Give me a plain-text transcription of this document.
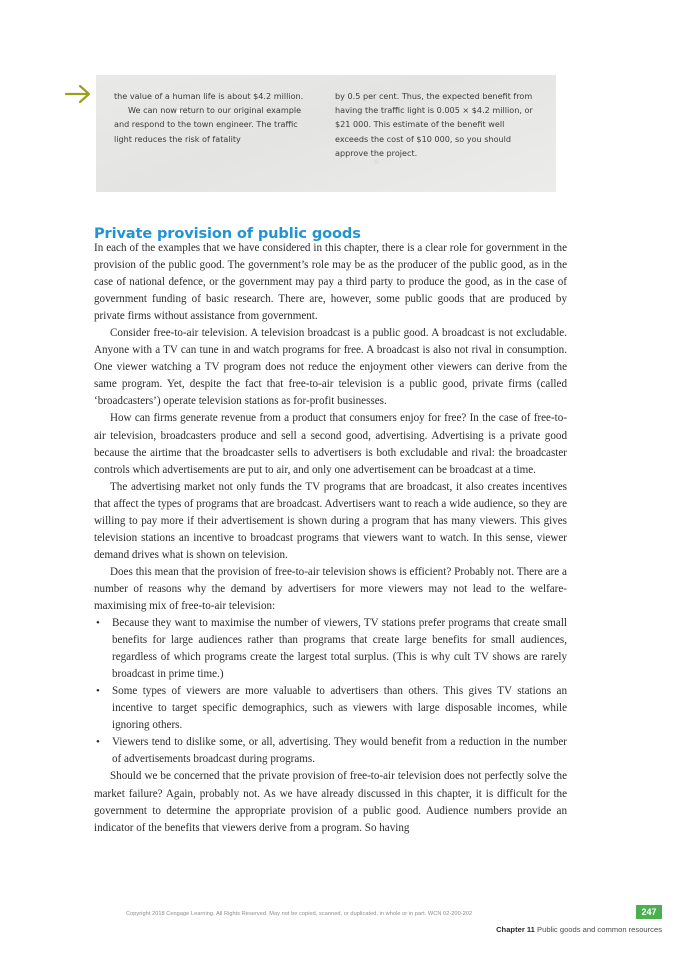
the value of a human life is about $4.2 million.

We can now return to our original example and respond to the town engineer. The traffic light reduces the risk of fatality

by 0.5 per cent. Thus, the expected benefit from having the traffic light is 0.005 × $4.2 million, or $21 000. This estimate of the benefit well exceeds the cost of $10 000, so you should approve the project.

Private provision of public goods

In each of the examples that we have considered in this chapter, there is a clear role for government in the provision of the public good. The government’s role may be as the producer of the public good, as in the case of national defence, or the government may pay a third party to produce the good, as in the case of government funding of basic research. There are, however, some public goods that are produced by private firms without assistance from government.

Consider free-to-air television. A television broadcast is a public good. A broadcast is not excludable. Anyone with a TV can tune in and watch programs for free. A broadcast is also not rival in consumption. One viewer watching a TV program does not reduce the enjoyment other viewers can derive from the same program. Yet, despite the fact that free-to-air television is a public good, private firms (called ‘broadcasters’) operate television stations as for-profit businesses.

How can firms generate revenue from a product that consumers enjoy for free? In the case of free-to-air television, broadcasters produce and sell a second good, advertising. Advertising is a private good because the airtime that the broadcaster sells to advertisers is both excludable and rival: the broadcaster controls which advertisements are put to air, and only one advertisement can be broadcast at a time.

The advertising market not only funds the TV programs that are broadcast, it also creates incentives that affect the types of programs that are broadcast. Advertisers want to reach a wide audience, so they are willing to pay more if their advertisement is shown during a program that has many viewers. This gives television stations an incentive to broadcast programs that viewers want to watch. In this sense, viewer demand drives what is shown on television.

Does this mean that the provision of free-to-air television shows is efficient? Probably not. There are a number of reasons why the demand by advertisers for more viewers may not lead to the welfare-maximising mix of free-to-air television:

• Because they want to maximise the number of viewers, TV stations prefer programs that create small benefits for large audiences rather than programs that create large benefits for small audiences, regardless of which programs create the largest total surplus. (This is why cult TV shows are rarely broadcast in prime time.)
• Some types of viewers are more valuable to advertisers than others. This gives TV stations an incentive to target specific demographics, such as viewers with large disposable incomes, while ignoring others.
• Viewers tend to dislike some, or all, advertising. They would benefit from a reduction in the number of advertisements broadcast during programs.

Should we be concerned that the private provision of free-to-air television does not perfectly solve the market failure? Again, probably not. As we have already discussed in this chapter, it is difficult for the government to determine the appropriate provision of a public good. Audience numbers provide an indicator of the benefits that viewers derive from a program. So having

Copyright 2018 Cengage Learning. All Rights Reserved. May not be copied, scanned, or duplicated, in whole or in part. WCN 02-200-202	247
Chapter 11 Public goods and common resources
